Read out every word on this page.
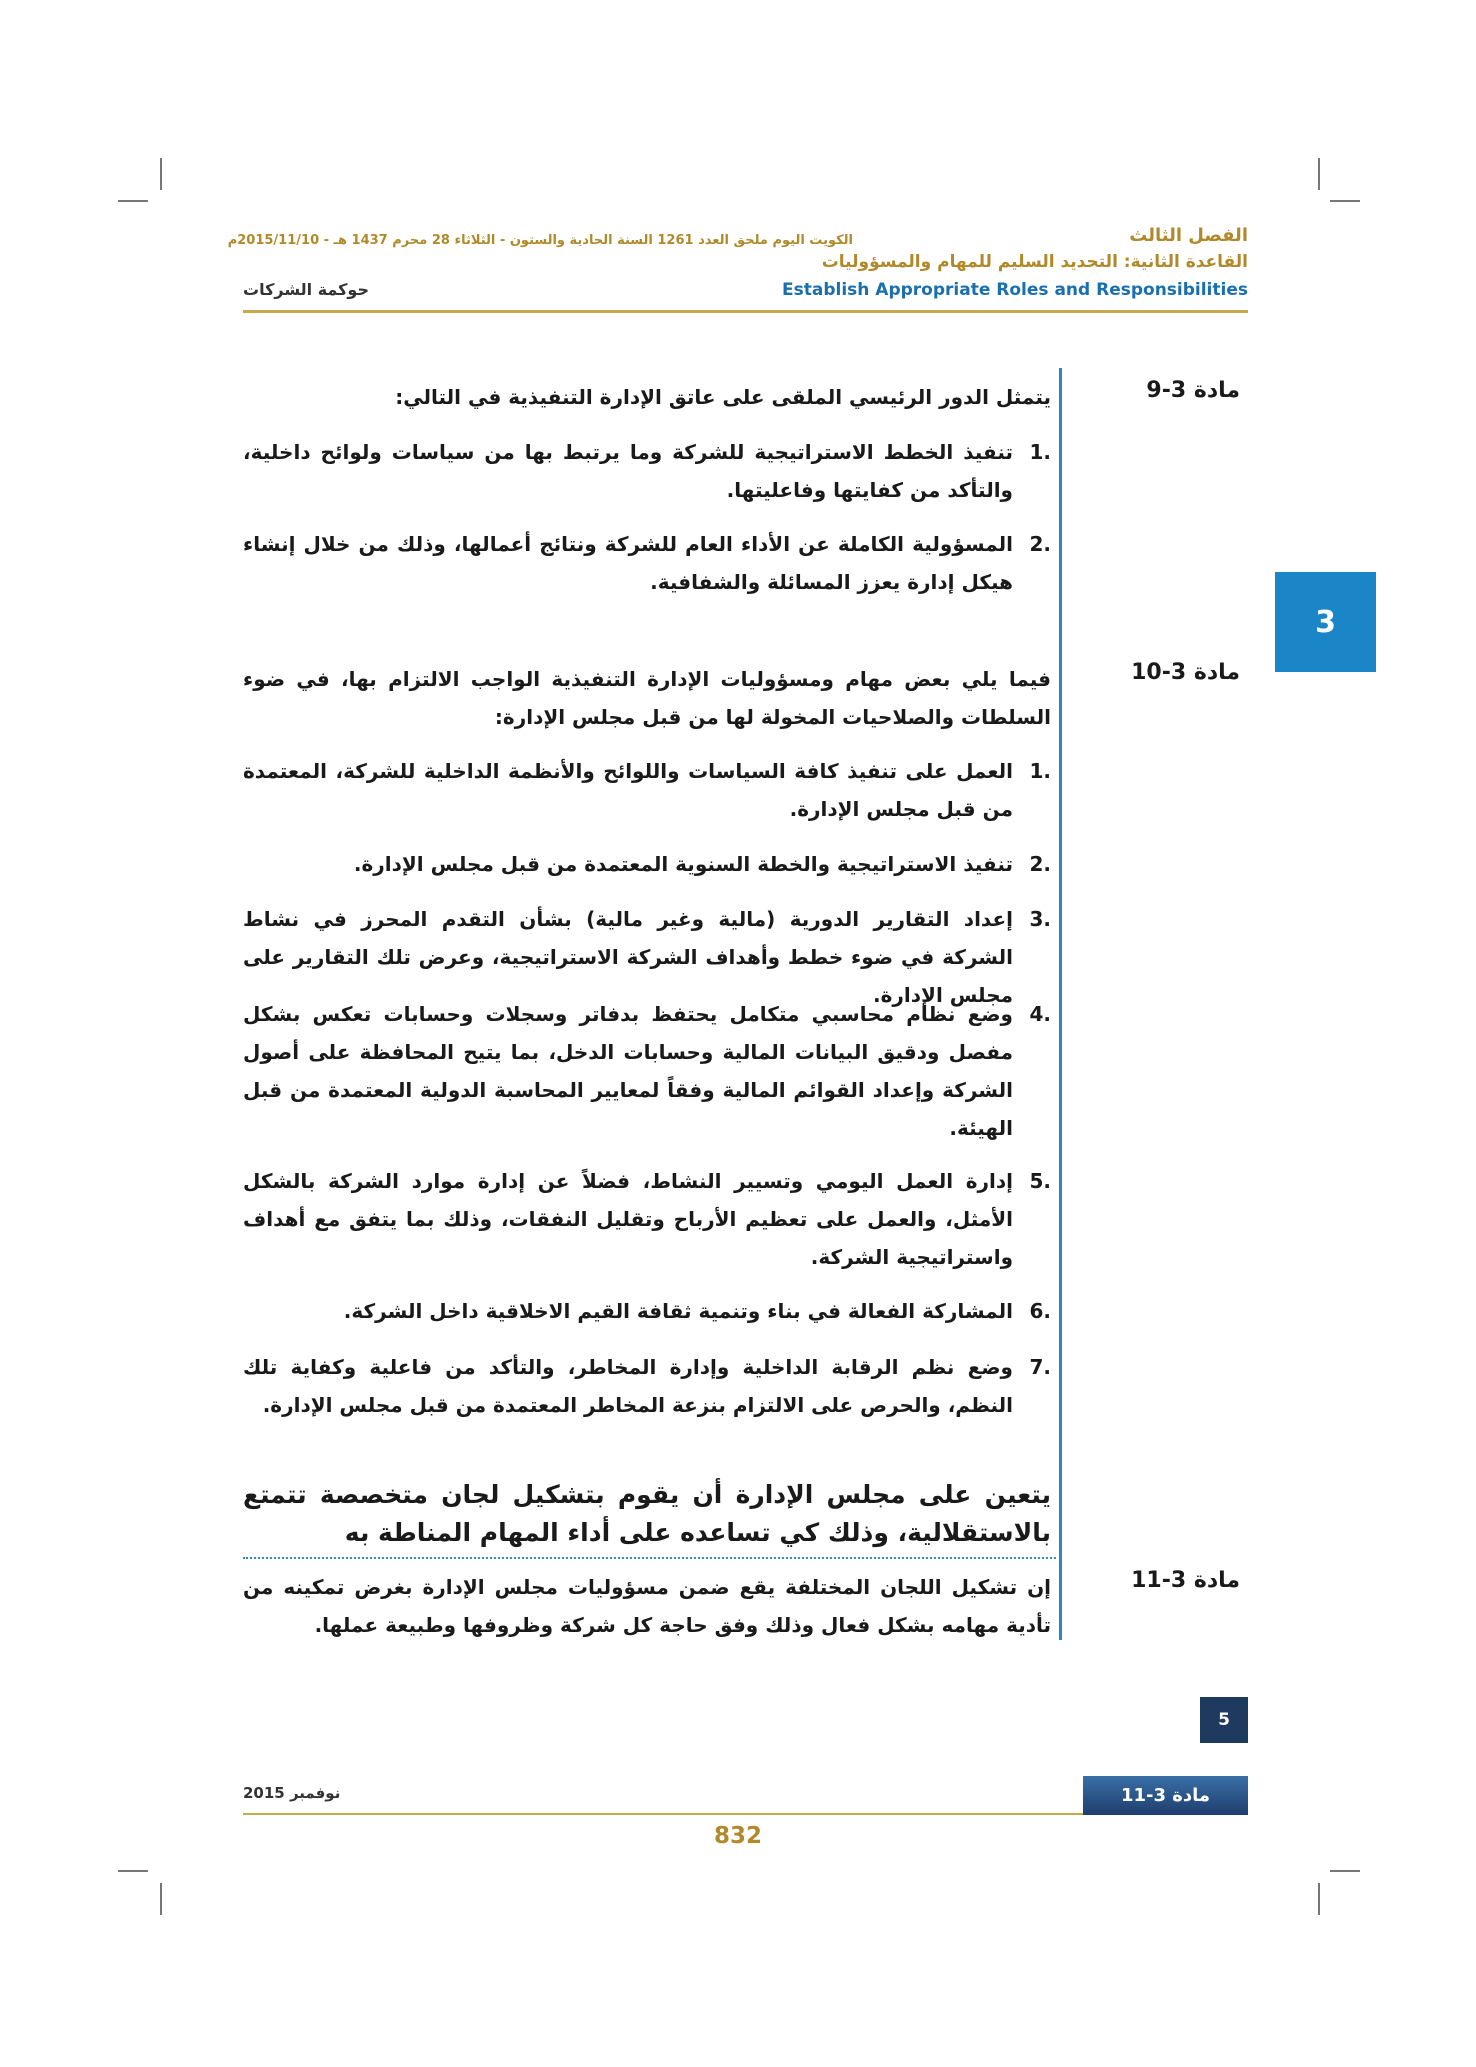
الفصل الثالث
الكويت اليوم ملحق العدد 1261 السنة الحادية والستون - الثلاثاء 28 محرم 1437 هـ - 2015/11/10م
القاعدة الثانية: التحديد السليم للمهام والمسؤوليات
Establish Appropriate Roles and Responsibilities
حوكمة الشركات
3
مادة 3-9
يتمثل الدور الرئيسي الملقى على عاتق الإدارة التنفيذية في التالي:
.1
تنفيذ الخطط الاستراتيجية للشركة وما يرتبط بها من سياسات ولوائح داخلية، والتأكد من كفايتها وفاعليتها.
.2
المسؤولية الكاملة عن الأداء العام للشركة ونتائج أعمالها، وذلك من خلال إنشاء هيكل إدارة يعزز المسائلة والشفافية.
مادة 3-10
فيما يلي بعض مهام ومسؤوليات الإدارة التنفيذية الواجب الالتزام بها، في ضوء السلطات والصلاحيات المخولة لها من قبل مجلس الإدارة:
.1
العمل على تنفيذ كافة السياسات واللوائح والأنظمة الداخلية للشركة، المعتمدة من قبل مجلس الإدارة.
.2
تنفيذ الاستراتيجية والخطة السنوية المعتمدة من قبل مجلس الإدارة.
.3
إعداد التقارير الدورية (مالية وغير مالية) بشأن التقدم المحرز في نشاط الشركة في ضوء خطط وأهداف الشركة الاستراتيجية، وعرض تلك التقارير على مجلس الإدارة.
.4
وضع نظام محاسبي متكامل يحتفظ بدفاتر وسجلات وحسابات تعكس بشكل مفصل ودقيق البيانات المالية وحسابات الدخل، بما يتيح المحافظة على أصول الشركة وإعداد القوائم المالية وفقاً لمعايير المحاسبة الدولية المعتمدة من قبل الهيئة.
.5
إدارة العمل اليومي وتسيير النشاط، فضلاً عن إدارة موارد الشركة بالشكل الأمثل، والعمل على تعظيم الأرباح وتقليل النفقات، وذلك بما يتفق مع أهداف واستراتيجية الشركة.
.6
المشاركة الفعالة في بناء وتنمية ثقافة القيم الاخلاقية داخل الشركة.
.7
وضع نظم الرقابة الداخلية وإدارة المخاطر، والتأكد من فاعلية وكفاية تلك النظم، والحرص على الالتزام بنزعة المخاطر المعتمدة من قبل مجلس الإدارة.
يتعين على مجلس الإدارة أن يقوم بتشكيل لجان متخصصة تتمتع بالاستقلالية، وذلك كي تساعده على أداء المهام المناطة به
مادة 3-11
إن تشكيل اللجان المختلفة يقع ضمن مسؤوليات مجلس الإدارة بغرض تمكينه من تأدية مهامه بشكل فعال وذلك وفق حاجة كل شركة وظروفها وطبيعة عملها.
5
نوفمبر 2015	مادة 3-11
832
